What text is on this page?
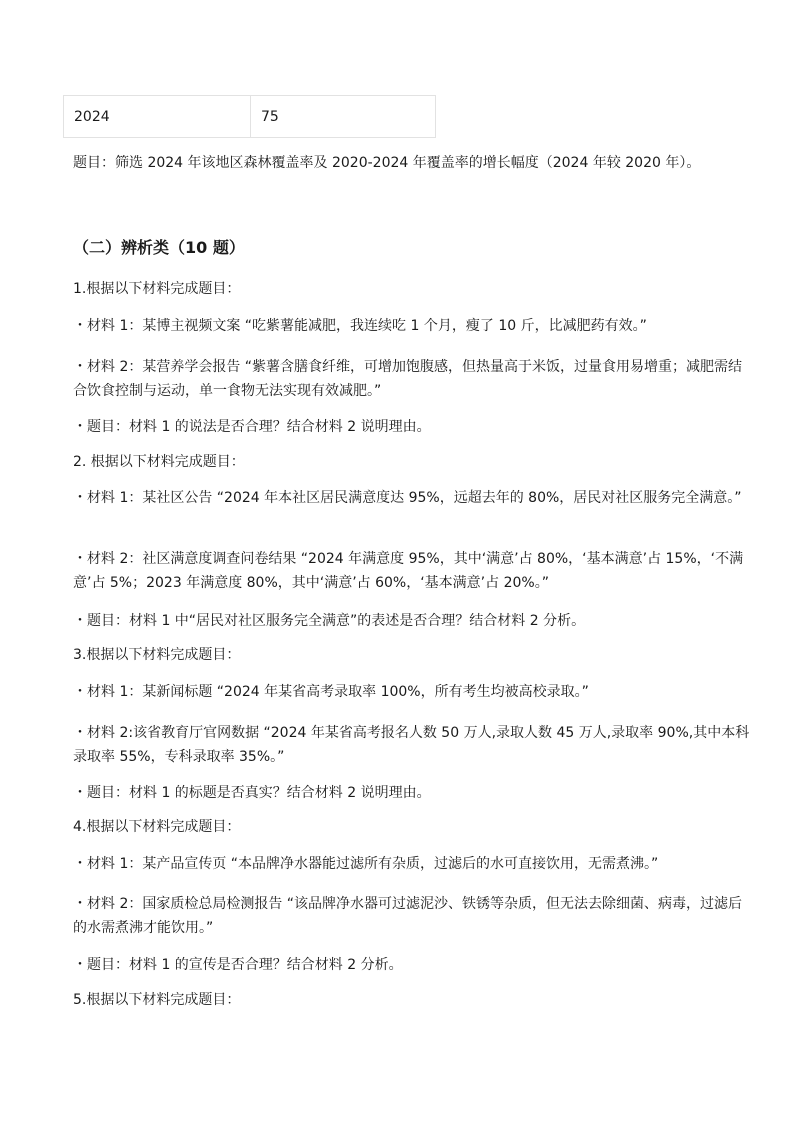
2024	75
题目：筛选 2024 年该地区森林覆盖率及 2020-2024 年覆盖率的增长幅度（2024 年较 2020 年）。
（二）辨析类（10 题）
1.根据以下材料完成题目：
・材料 1：某博主视频文案 “吃紫薯能减肥，我连续吃 1 个月，瘦了 10 斤，比减肥药有效。”
・材料 2：某营养学会报告 “紫薯含膳食纤维，可增加饱腹感，但热量高于米饭，过量食用易增重；减肥需结合饮食控制与运动，单一食物无法实现有效减肥。”
・题目：材料 1 的说法是否合理？结合材料 2 说明理由。
2. 根据以下材料完成题目：
・材料 1：某社区公告 “2024 年本社区居民满意度达 95%，远超去年的 80%，居民对社区服务完全满意。”
・材料 2：社区满意度调查问卷结果 “2024 年满意度 95%，其中‘满意’占 80%，‘基本满意’占 15%，‘不满意’占 5%；2023 年满意度 80%，其中‘满意’占 60%，‘基本满意’占 20%。”
・题目：材料 1 中“居民对社区服务完全满意”的表述是否合理？结合材料 2 分析。
3.根据以下材料完成题目：
・材料 1：某新闻标题 “2024 年某省高考录取率 100%，所有考生均被高校录取。”
・材料 2:该省教育厅官网数据 “2024 年某省高考报名人数 50 万人,录取人数 45 万人,录取率 90%,其中本科录取率 55%，专科录取率 35%。”
・题目：材料 1 的标题是否真实？结合材料 2 说明理由。
4.根据以下材料完成题目：
・材料 1：某产品宣传页 “本品牌净水器能过滤所有杂质，过滤后的水可直接饮用，无需煮沸。”
・材料 2：国家质检总局检测报告 “该品牌净水器可过滤泥沙、铁锈等杂质，但无法去除细菌、病毒，过滤后的水需煮沸才能饮用。”
・题目：材料 1 的宣传是否合理？结合材料 2 分析。
5.根据以下材料完成题目：
